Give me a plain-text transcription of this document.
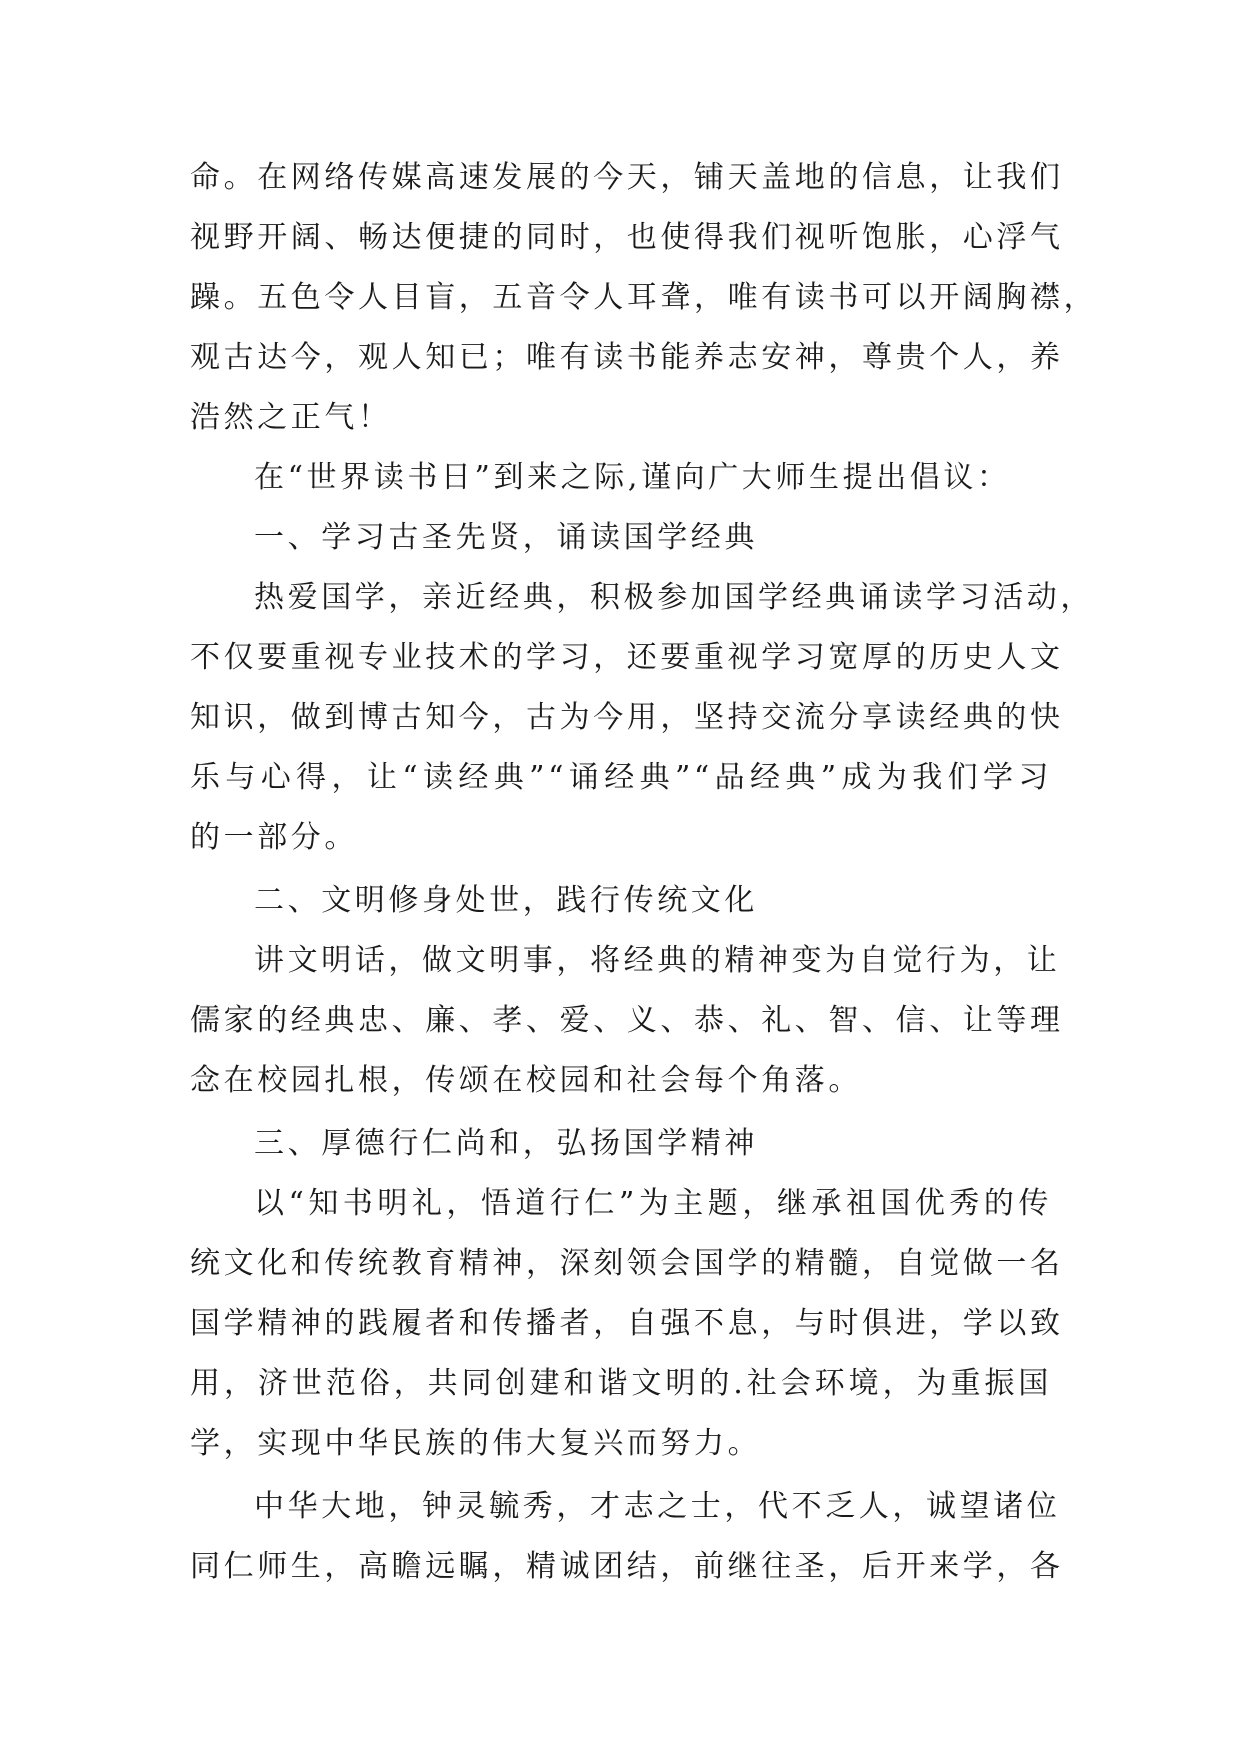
命。在网络传媒高速发展的今天，铺天盖地的信息，让我们
视野开阔、畅达便捷的同时，也使得我们视听饱胀，心浮气
躁。五色令人目盲，五音令人耳聋，唯有读书可以开阔胸襟，
观古达今，观人知已；唯有读书能养志安神，尊贵个人，养
浩然之正气！
在“世界读书日”到来之际,谨向广大师生提出倡议：
一、学习古圣先贤，诵读国学经典
热爱国学，亲近经典，积极参加国学经典诵读学习活动，
不仅要重视专业技术的学习，还要重视学习宽厚的历史人文
知识，做到博古知今，古为今用，坚持交流分享读经典的快
乐与心得，让“读经典”“诵经典”“品经典”成为我们学习
的一部分。
二、文明修身处世，践行传统文化
讲文明话，做文明事，将经典的精神变为自觉行为，让
儒家的经典忠、廉、孝、爱、义、恭、礼、智、信、让等理
念在校园扎根，传颂在校园和社会每个角落。
三、厚德行仁尚和，弘扬国学精神
以“知书明礼，悟道行仁”为主题，继承祖国优秀的传
统文化和传统教育精神，深刻领会国学的精髓，自觉做一名
国学精神的践履者和传播者，自强不息，与时俱进，学以致
用，济世范俗，共同创建和谐文明的.社会环境，为重振国
学，实现中华民族的伟大复兴而努力。
中华大地，钟灵毓秀，才志之士，代不乏人，诚望诸位
同仁师生，高瞻远瞩，精诚团结，前继往圣，后开来学，各
